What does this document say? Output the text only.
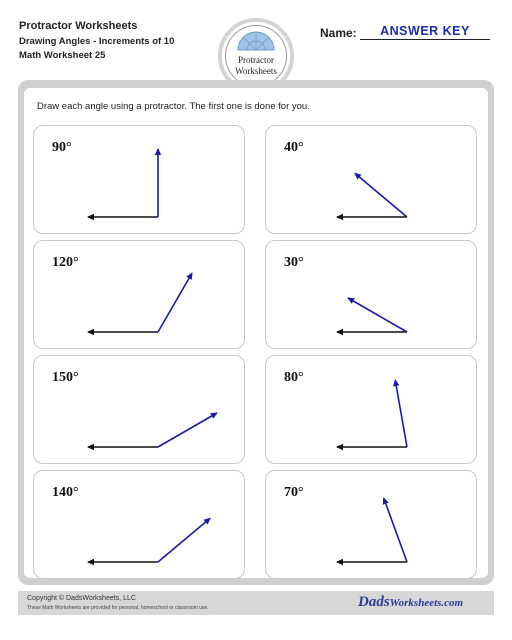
Protractor Worksheets
Drawing Angles - Increments of 10
Math Worksheet 25	Protractor
Worksheets
Name:	ANSWER KEY
Draw each angle using a protractor. The first one is done for you.
90°	40°
120°	30°
150°	80°
140°	70°
Copyright © DadsWorksheets, LLC
These Math Worksheets are provided for personal, homeschool or classroom use.	DadsWorksheets.com
